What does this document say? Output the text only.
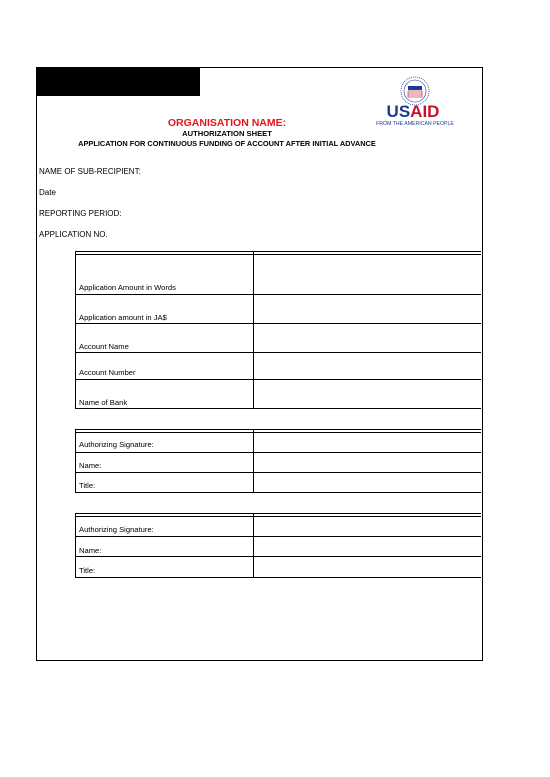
USAID
FROM THE AMERICAN PEOPLE
ORGANISATION NAME:
AUTHORIZATION SHEET
APPLICATION FOR CONTINUOUS FUNDING OF ACCOUNT AFTER INITIAL ADVANCE
NAME OF SUB-RECIPIENT:
Date
REPORTING PERIOD:
APPLICATION NO.
Application Amount in Words
Application amount in JA$
Account Name
Account Number
Name of Bank
Authorizing Signature:
Name:
Title:
Authorizing Signature:
Name:
Title:
